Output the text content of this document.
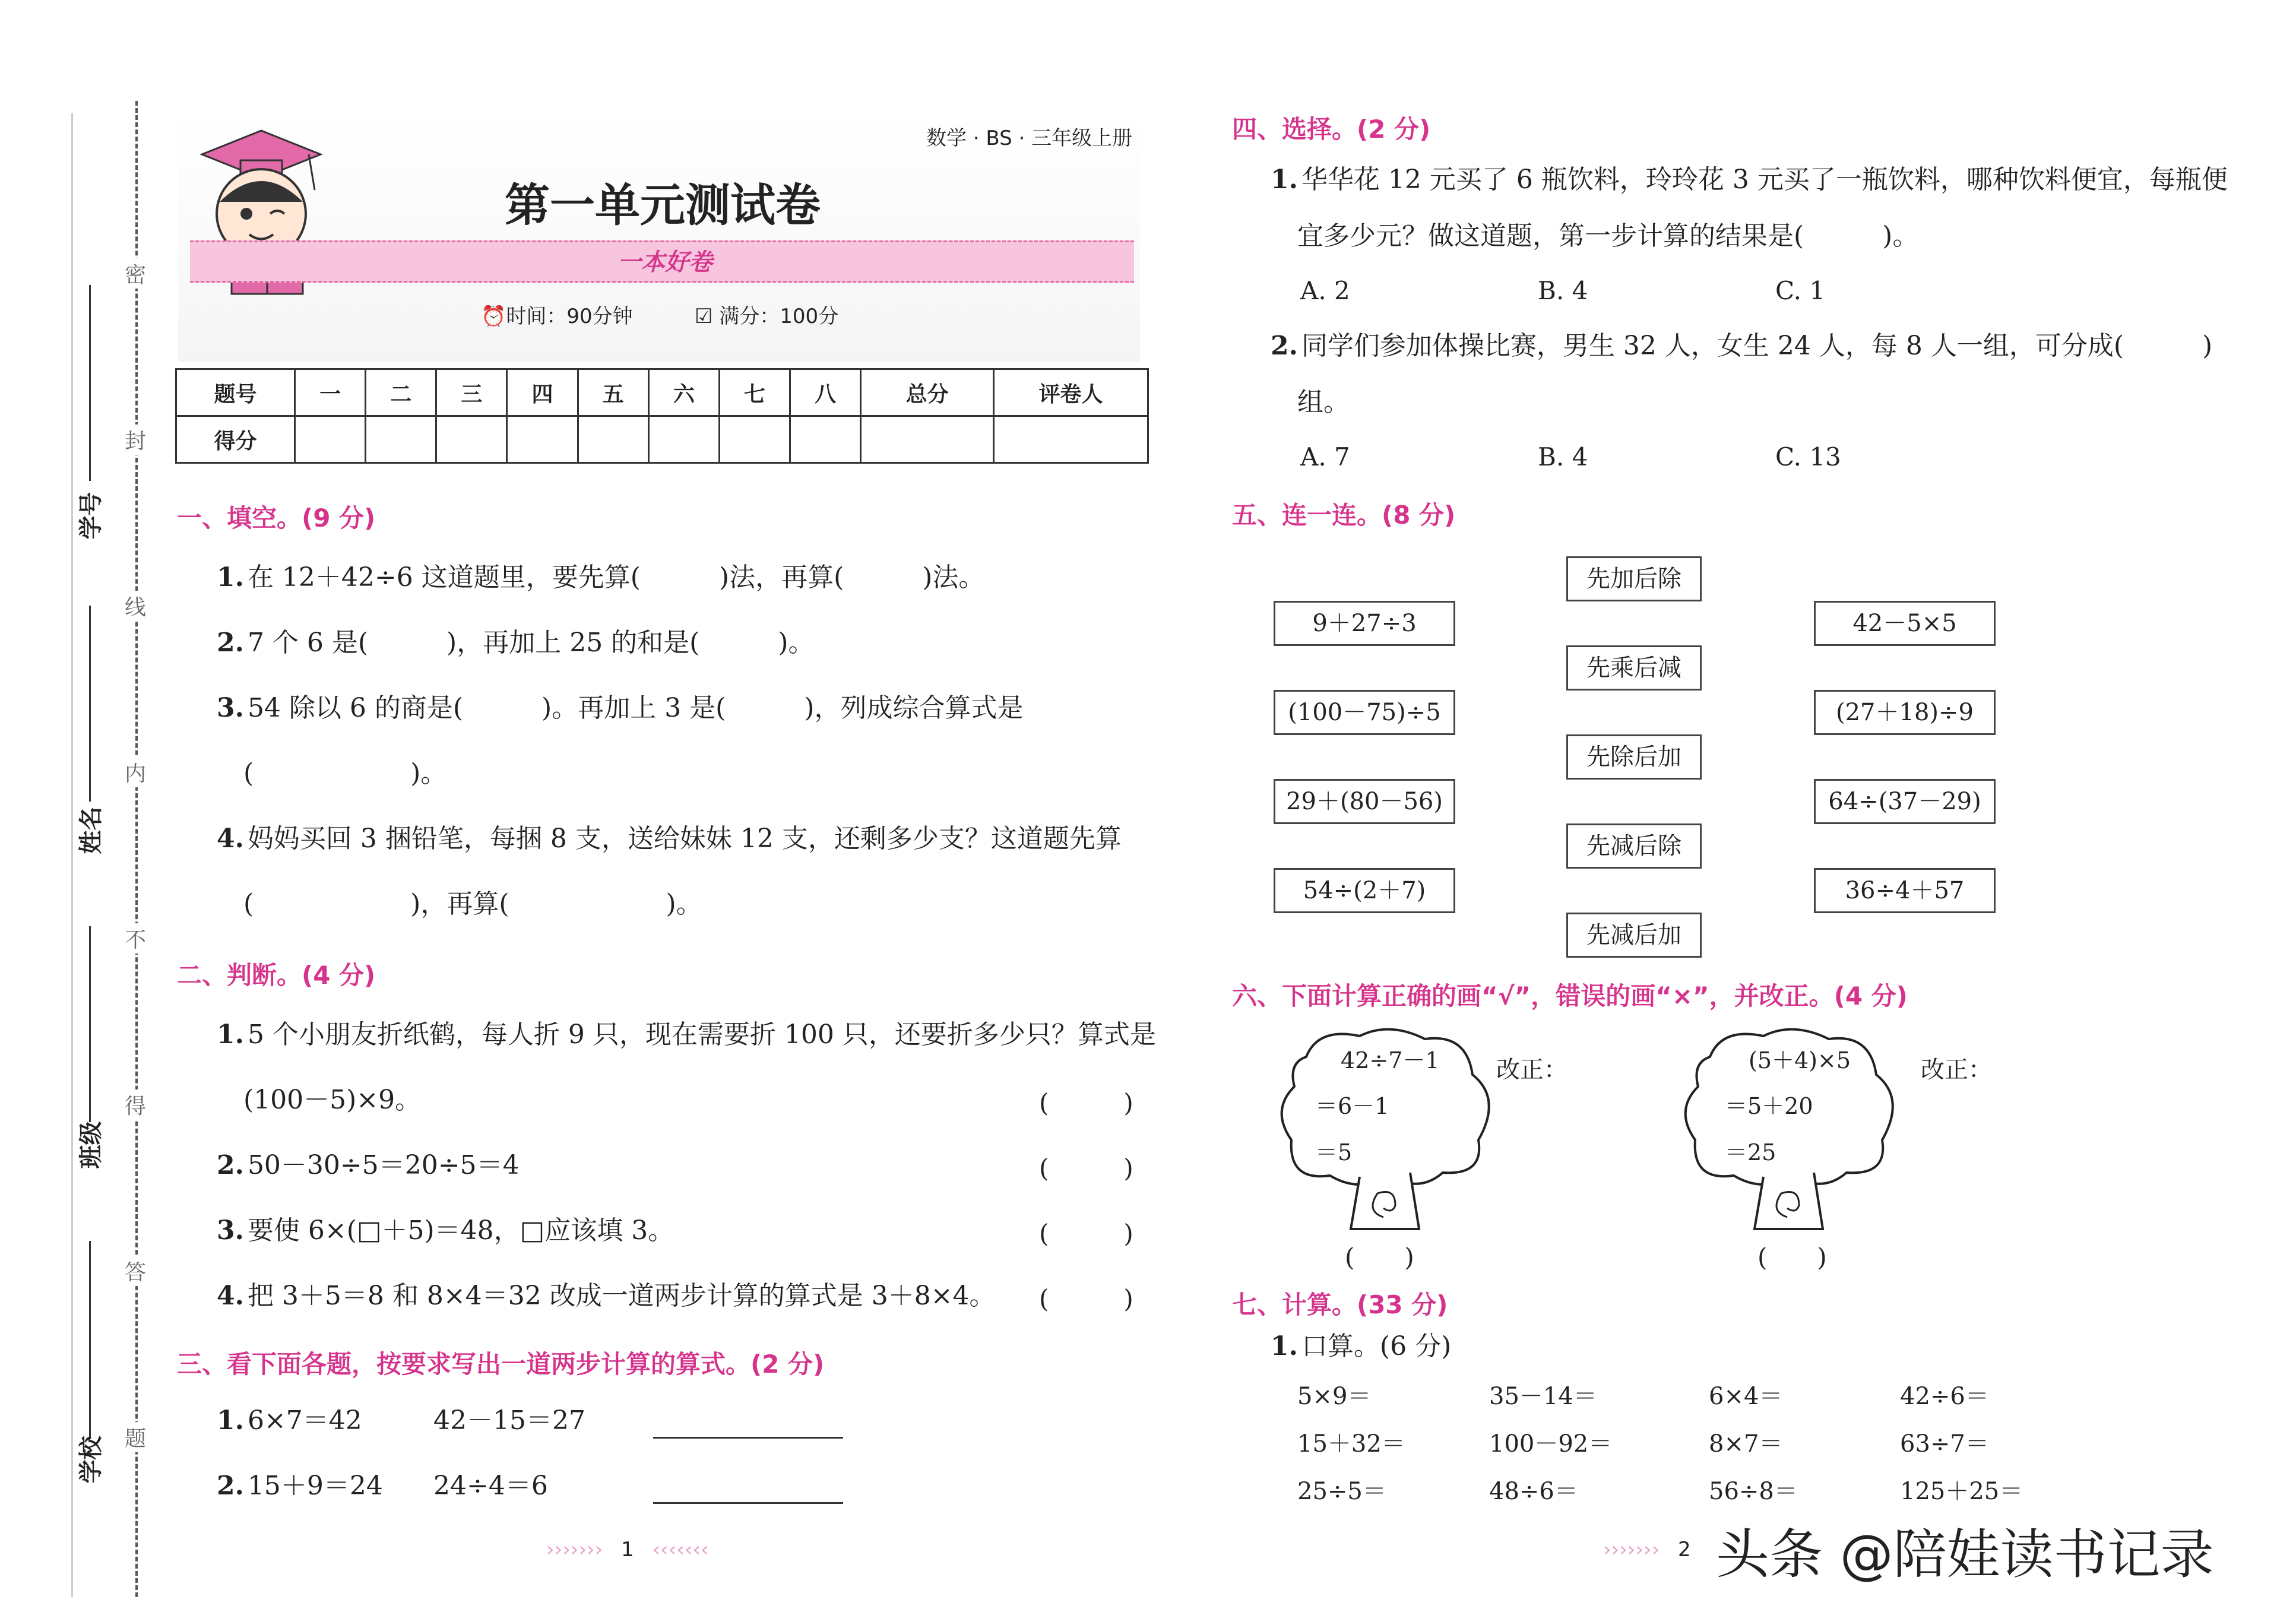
学号
姓名
班级
学校
密
封
线
内
不
得
答
题
数学 · BS · 三年级上册
第一单元测试卷
一本好卷
⏰时间：90分钟	☑ 满分：100分
题号	一	二	三	四	五	六	七	八	总分	评卷人
得分										
一、填空。(9 分)
1. 在 12＋42÷6 这道题里，要先算(　　　)法，再算(　　　)法。
2. 7 个 6 是(　　　)，再加上 25 的和是(　　　)。
3. 54 除以 6 的商是(　　　)。再加上 3 是(　　　)，列成综合算式是
(　　　　　　)。
4. 妈妈买回 3 捆铅笔，每捆 8 支，送给妹妹 12 支，还剩多少支？这道题先算
(　　　　　　)，再算(　　　　　　)。
二、判断。(4 分)
1. 5 个小朋友折纸鹤，每人折 9 只，现在需要折 100 只，还要折多少只？算式是
(100－5)×9。	(　　　)
2. 50－30÷5＝20÷5＝4	(　　　)
3. 要使 6×(□＋5)＝48，□应该填 3。	(　　　)
4. 把 3＋5＝8 和 8×4＝32 改成一道两步计算的算式是 3＋8×4。 (　　　)
三、看下面各题，按要求写出一道两步计算的算式。(2 分)
1. 6×7＝42	42－15＝27
2. 15＋9＝24 24÷4＝6
››››››› 1 ‹‹‹‹‹‹‹
四、选择。(2 分)
1. 华华花 12 元买了 6 瓶饮料，玲玲花 3 元买了一瓶饮料，哪种饮料便宜，每瓶便
宜多少元？做这道题，第一步计算的结果是(　　　)。
A. 2	B. 4	C. 1
2. 同学们参加体操比赛，男生 32 人，女生 24 人，每 8 人一组，可分成(　　　)
组。
A. 7	B. 4	C. 13
五、连一连。(8 分)
9＋27÷3
(100－75)÷5
29＋(80－56)
54÷(2＋7)
先加后除
先乘后减
先除后加
先减后除
先减后加
42－5×5
(27＋18)÷9
64÷(37－29)
36÷4＋57
六、下面计算正确的画“√”，错误的画“×”，并改正。(4 分)
42÷7－1
＝6－1
＝5
改正：
(　　)
(5＋4)×5
＝5＋20
＝25
改正：
(　　)
七、计算。(33 分)
1. 口算。(6 分)
5×9＝	35－14＝	6×4＝	42÷6＝
15＋32＝	100－92＝	8×7＝	63÷7＝
25÷5＝	48÷6＝	56÷8＝	125＋25＝
››››››› 2 头条 @陪娃读书记录
